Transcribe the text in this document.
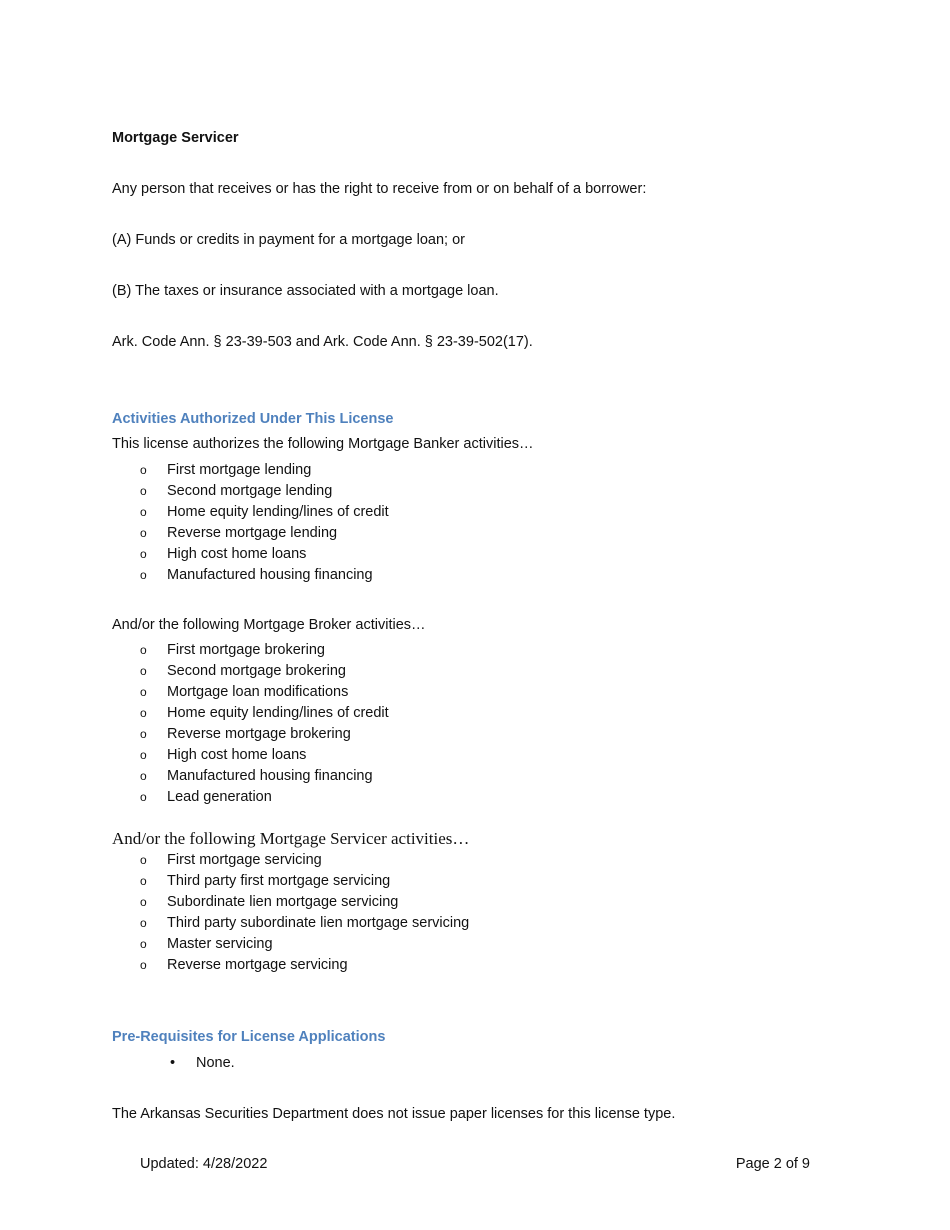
Mortgage Servicer
Any person that receives or has the right to receive from or on behalf of a borrower:
(A) Funds or credits in payment for a mortgage loan; or
(B) The taxes or insurance associated with a mortgage loan.
Ark. Code Ann. § 23-39-503 and Ark. Code Ann. § 23-39-502(17).
Activities Authorized Under This License
This license authorizes the following Mortgage Banker activities…
o First mortgage lending
o Second mortgage lending
o Home equity lending/lines of credit
o Reverse mortgage lending
o High cost home loans
o Manufactured housing financing
And/or the following Mortgage Broker activities…
o First mortgage brokering
o Second mortgage brokering
o Mortgage loan modifications
o Home equity lending/lines of credit
o Reverse mortgage brokering
o High cost home loans
o Manufactured housing financing
o Lead generation
And/or the following Mortgage Servicer activities…
o First mortgage servicing
o Third party first mortgage servicing
o Subordinate lien mortgage servicing
o Third party subordinate lien mortgage servicing
o Master servicing
o Reverse mortgage servicing
Pre-Requisites for License Applications
• None.
The Arkansas Securities Department does not issue paper licenses for this license type.
Updated: 4/28/2022	Page 2 of 9
